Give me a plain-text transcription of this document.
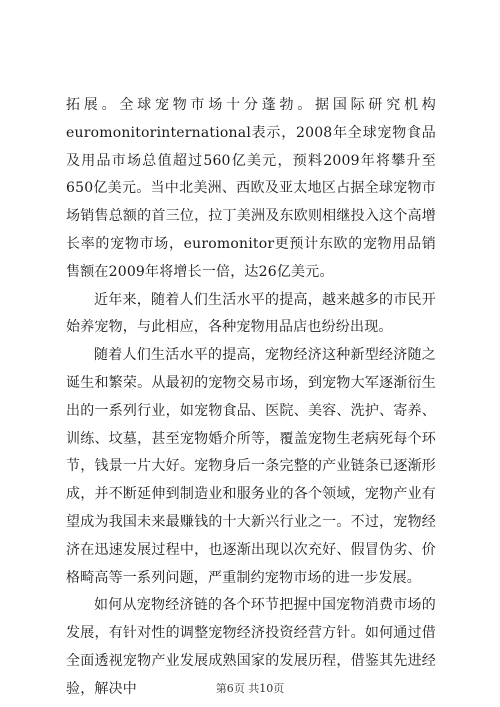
拓展。全球宠物市场十分蓬勃。据国际研究机构euromonitorinternational表示，2008年全球宠物食品及用品市场总值超过560亿美元，预料2009年将攀升至650亿美元。当中北美洲、西欧及亚太地区占据全球宠物市场销售总额的首三位，拉丁美洲及东欧则相继投入这个高增长率的宠物市场，euromonitor更预计东欧的宠物用品销售额在2009年将增长一倍，达26亿美元。

近年来，随着人们生活水平的提高，越来越多的市民开始养宠物，与此相应，各种宠物用品店也纷纷出现。

随着人们生活水平的提高，宠物经济这种新型经济随之诞生和繁荣。从最初的宠物交易市场，到宠物大军逐渐衍生出的一系列行业，如宠物食品、医院、美容、洗护、寄养、训练、坟墓，甚至宠物婚介所等，覆盖宠物生老病死每个环节，钱景一片大好。宠物身后一条完整的产业链条已逐渐形成，并不断延伸到制造业和服务业的各个领域，宠物产业有望成为我国未来最赚钱的十大新兴行业之一。不过，宠物经济在迅速发展过程中，也逐渐出现以次充好、假冒伪劣、价格畸高等一系列问题，严重制约宠物市场的进一步发展。

如何从宠物经济链的各个环节把握中国宠物消费市场的发展，有针对性的调整宠物经济投资经营方针。如何通过借全面透视宠物产业发展成熟国家的发展历程，借鉴其先进经验，解决中	第6页 共10页
